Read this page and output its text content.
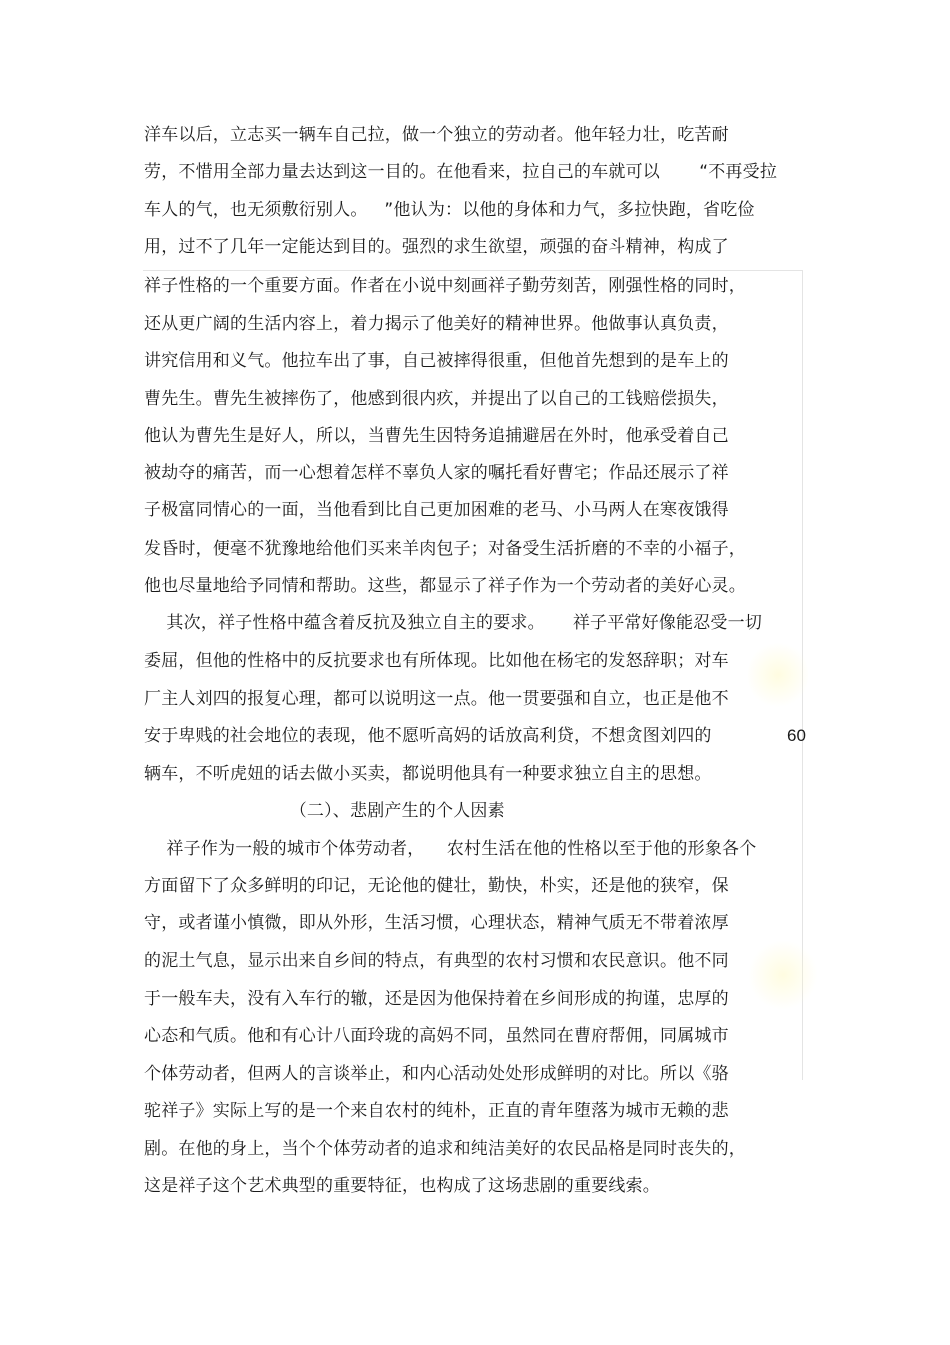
洋车以后，立志买一辆车自己拉，做一个独立的劳动者。他年轻力壮，吃苦耐
劳，不惜用全部力量去达到这一目的。在他看来，拉自己的车就可以       “不再受拉
车人的气，也无须敷衍别人。   ”他认为：以他的身体和力气，多拉快跑，省吃俭
用，过不了几年一定能达到目的。强烈的求生欲望，顽强的奋斗精神，构成了
祥子性格的一个重要方面。作者在小说中刻画祥子勤劳刻苦，刚强性格的同时，
还从更广阔的生活内容上，着力揭示了他美好的精神世界。他做事认真负责，
讲究信用和义气。他拉车出了事，自己被摔得很重，但他首先想到的是车上的
曹先生。曹先生被摔伤了，他感到很内疚，并提出了以自己的工钱赔偿损失，
他认为曹先生是好人，所以，当曹先生因特务追捕避居在外时，他承受着自己
被劫夺的痛苦，而一心想着怎样不辜负人家的嘱托看好曹宅；作品还展示了祥
子极富同情心的一面，当他看到比自己更加困难的老马、小马两人在寒夜饿得
发昏时，便毫不犹豫地给他们买来羊肉包子；对备受生活折磨的不幸的小福子，
他也尽量地给予同情和帮助。这些，都显示了祥子作为一个劳动者的美好心灵。
其次，祥子性格中蕴含着反抗及独立自主的要求。     祥子平常好像能忍受一切
委屈，但他的性格中的反抗要求也有所体现。比如他在杨宅的发怒辞职；对车
厂主人刘四的报复心理，都可以说明这一点。他一贯要强和自立，也正是他不
安于卑贱的社会地位的表现，他不愿听高妈的话放高利贷，不想贪图刘四的
辆车，不听虎妞的话去做小买卖，都说明他具有一种要求独立自主的思想。
（二）、悲剧产生的个人因素
祥子作为一般的城市个体劳动者，    农村生活在他的性格以至于他的形象各个
方面留下了众多鲜明的印记，无论他的健壮，勤快，朴实，还是他的狭窄，保
守，或者谨小慎微，即从外形，生活习惯，心理状态，精神气质无不带着浓厚
的泥土气息，显示出来自乡间的特点，有典型的农村习惯和农民意识。他不同
于一般车夫，没有入车行的辙，还是因为他保持着在乡间形成的拘谨，忠厚的
心态和气质。他和有心计八面玲珑的高妈不同，虽然同在曹府帮佣，同属城市
个体劳动者，但两人的言谈举止，和内心活动处处形成鲜明的对比。所以《骆
驼祥子》实际上写的是一个来自农村的纯朴，正直的青年堕落为城市无赖的悲
剧。在他的身上，当个个体劳动者的追求和纯洁美好的农民品格是同时丧失的，
这是祥子这个艺术典型的重要特征，也构成了这场悲剧的重要线索。
60
